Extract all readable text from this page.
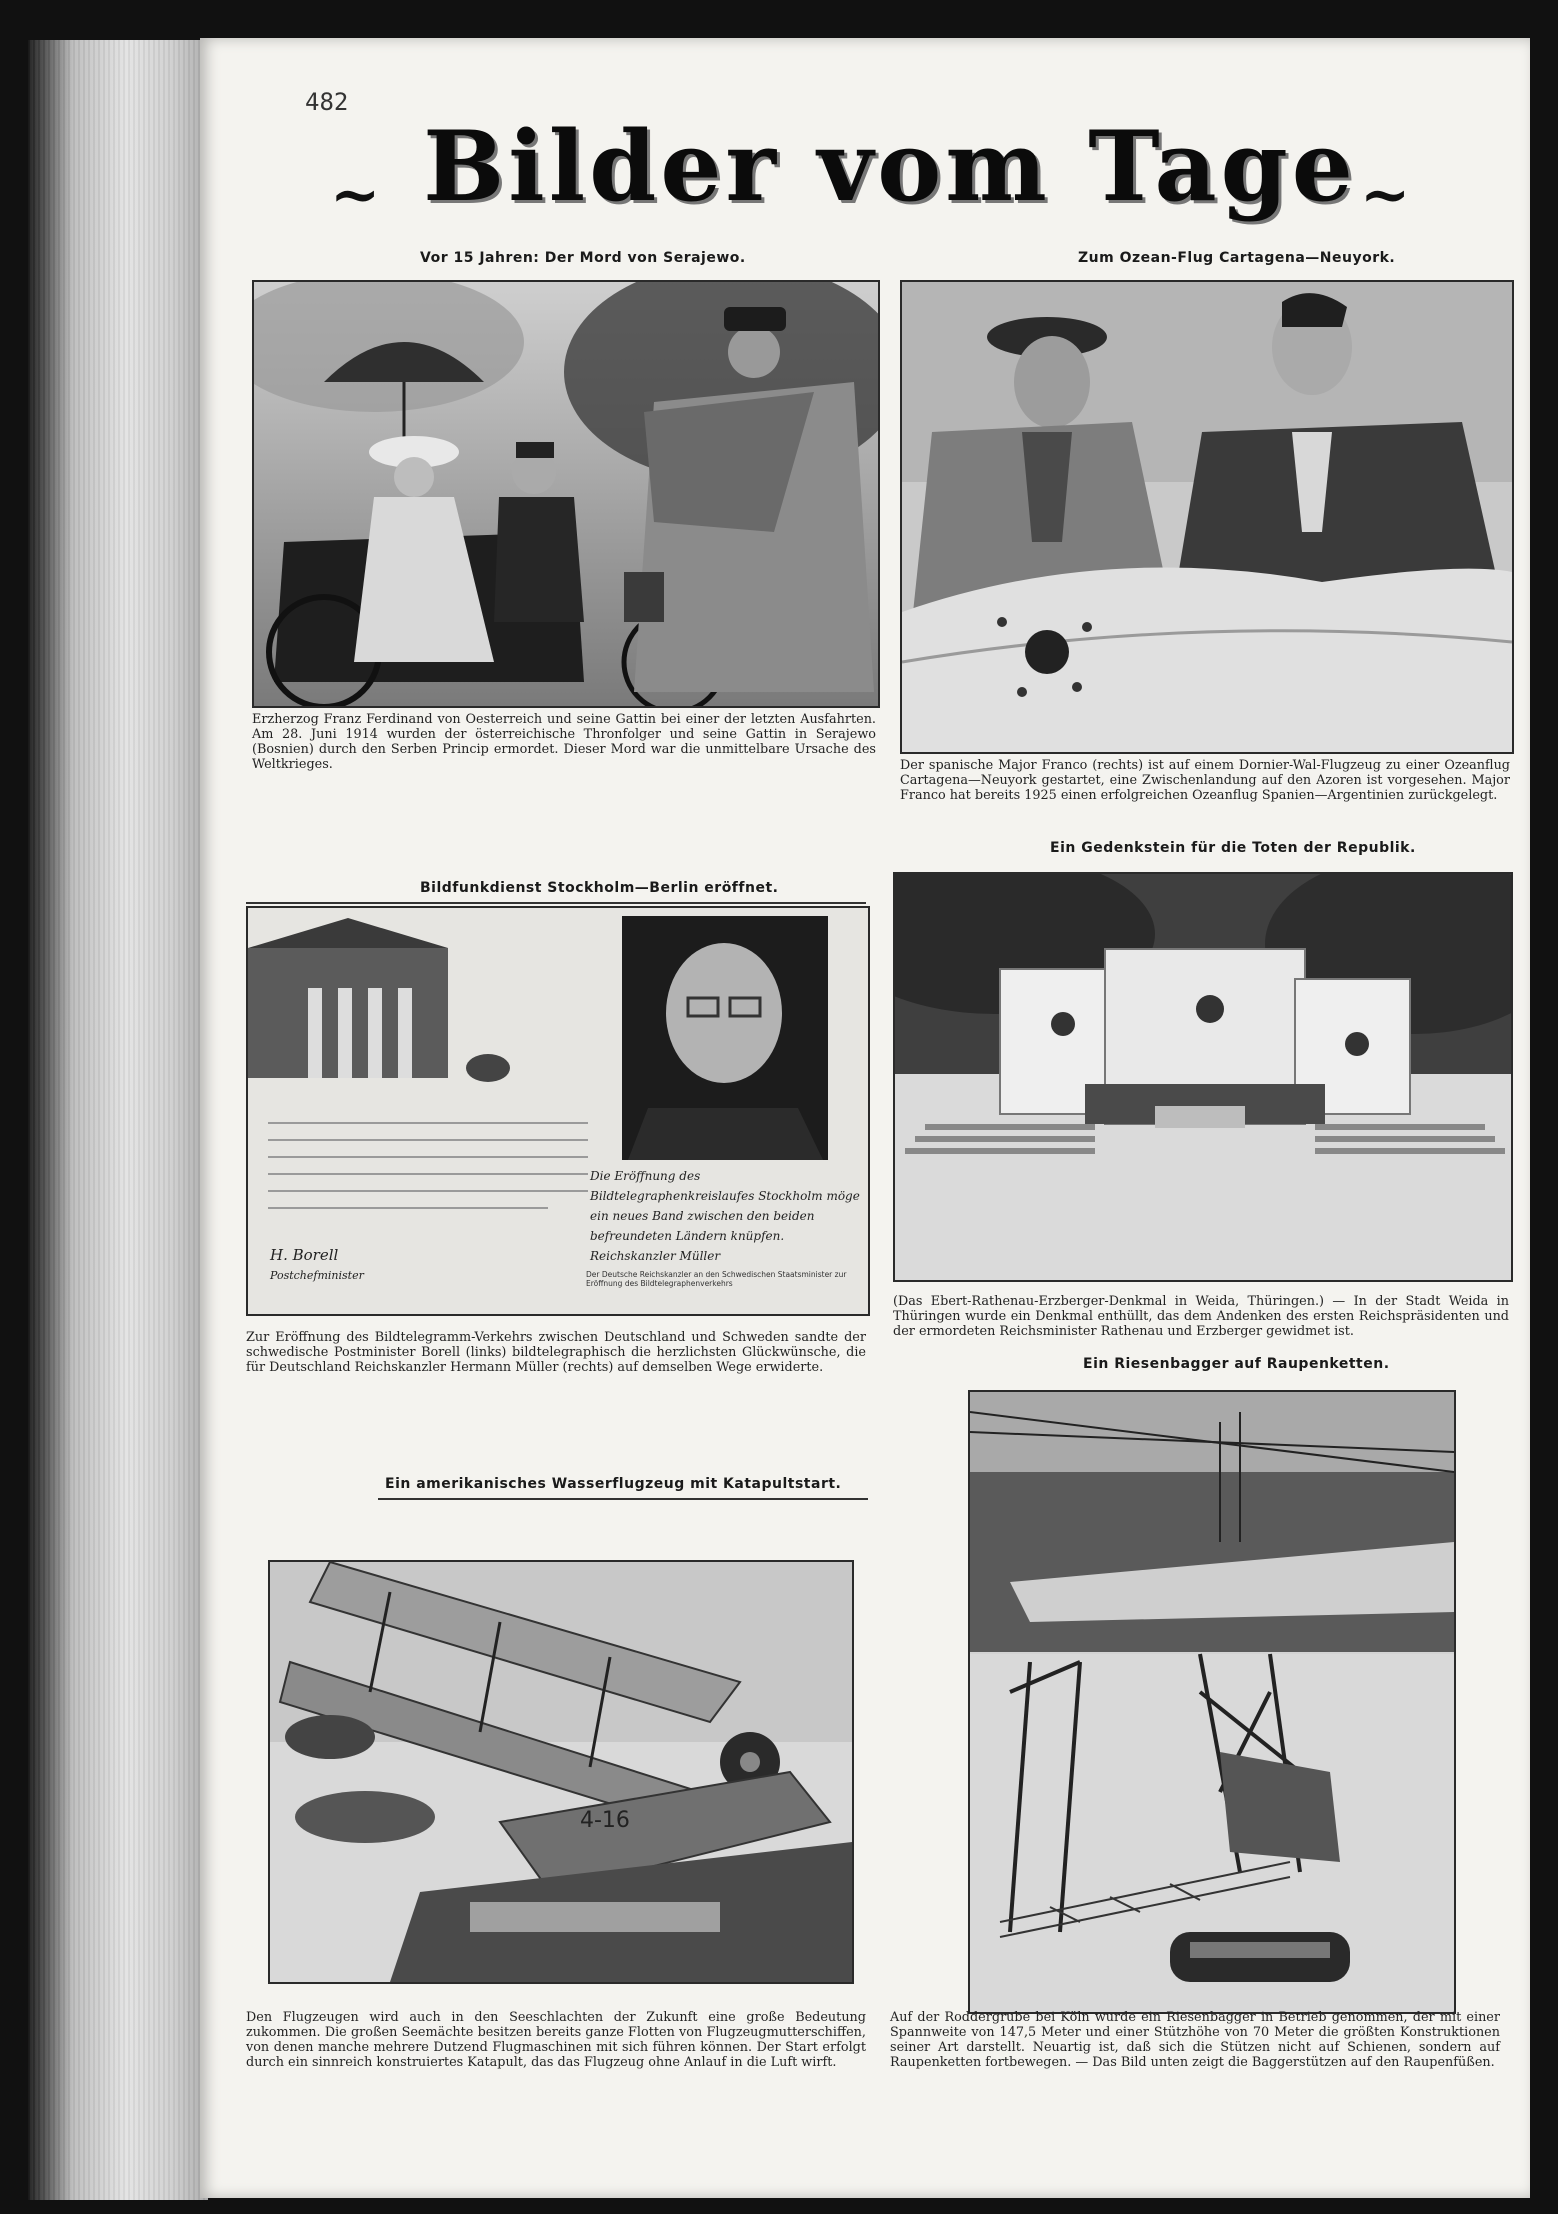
482
~	~
Bilder vom Tage
Vor 15 Jahren: Der Mord von Serajewo.
Erzherzog Franz Ferdinand von Oesterreich und seine Gattin bei einer der letzten Ausfahrten. Am 28. Juni 1914 wurden der österreichische Thronfolger und seine Gattin in Serajewo (Bosnien) durch den Serben Princip ermordet. Dieser Mord war die unmittelbare Ursache des Weltkrieges.
Zum Ozean-Flug Cartagena—Neuyork.
Der spanische Major Franco (rechts) ist auf einem Dornier-Wal-Flugzeug zu einer Ozeanflug Cartagena—Neuyork gestartet, eine Zwischenlandung auf den Azoren ist vorgesehen. Major Franco hat bereits 1925 einen erfolgreichen Ozeanflug Spanien—Argentinien zurückgelegt.
Bildfunkdienst Stockholm—Berlin eröffnet.
H. Borell
Postchefminister
Die Eröffnung des Bildtelegraphenkreislaufes Stockholm möge ein neues Band zwischen den beiden befreundeten Ländern knüpfen. Reichskanzler Müller
Der Deutsche Reichskanzler an den Schwedischen Staatsminister zur Eröffnung des Bildtelegraphenverkehrs
Zur Eröffnung des Bildtelegramm-Verkehrs zwischen Deutschland und Schweden sandte der schwedische Postminister Borell (links) bildtelegraphisch die herzlichsten Glückwünsche, die für Deutschland Reichskanzler Hermann Müller (rechts) auf demselben Wege erwiderte.
Ein Gedenkstein für die Toten der Republik.
(Das Ebert-Rathenau-Erzberger-Denkmal in Weida, Thüringen.) — In der Stadt Weida in Thüringen wurde ein Denkmal enthüllt, das dem Andenken des ersten Reichspräsidenten und der ermordeten Reichsminister Rathenau und Erzberger gewidmet ist.
Ein amerikanisches Wasserflugzeug mit Katapultstart.
4-16
Den Flugzeugen wird auch in den Seeschlachten der Zukunft eine große Bedeutung zukommen. Die großen Seemächte besitzen bereits ganze Flotten von Flugzeugmutterschiffen, von denen manche mehrere Dutzend Flugmaschinen mit sich führen können. Der Start erfolgt durch ein sinnreich konstruiertes Katapult, das das Flugzeug ohne Anlauf in die Luft wirft.
Ein Riesenbagger auf Raupenketten.
Auf der Roddergrube bei Köln wurde ein Riesenbagger in Betrieb genommen, der mit einer Spannweite von 147,5 Meter und einer Stützhöhe von 70 Meter die größten Konstruktionen seiner Art darstellt. Neuartig ist, daß sich die Stützen nicht auf Schienen, sondern auf Raupenketten fortbewegen. — Das Bild unten zeigt die Baggerstützen auf den Raupenfüßen.
